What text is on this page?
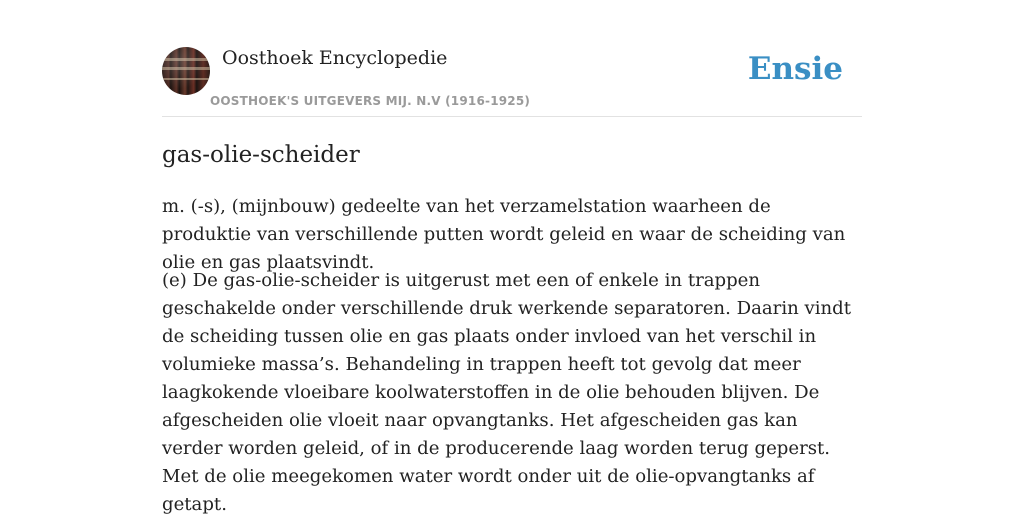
Oosthoek Encyclopedie
OOSTHOEK'S UITGEVERS MIJ. N.V (1916-1925)
Ensie
gas-olie-scheider

m. (-s), (mijnbouw) gedeelte van het verzamelstation waarheen de produktie van verschillende putten wordt geleid en waar de scheiding van olie en gas plaatsvindt.

(e) De gas-olie-scheider is uitgerust met een of enkele in trappen geschakelde onder verschillende druk werkende separatoren. Daarin vindt de scheiding tussen olie en gas plaats onder invloed van het verschil in volumieke massa’s. Behandeling in trappen heeft tot gevolg dat meer laagkokende vloeibare koolwaterstoffen in de olie behouden blijven. De afgescheiden olie vloeit naar opvangtanks. Het afgescheiden gas kan verder worden geleid, of in de producerende laag worden terug geperst. Met de olie meegekomen water wordt onder uit de olie-opvangtanks af getapt.
